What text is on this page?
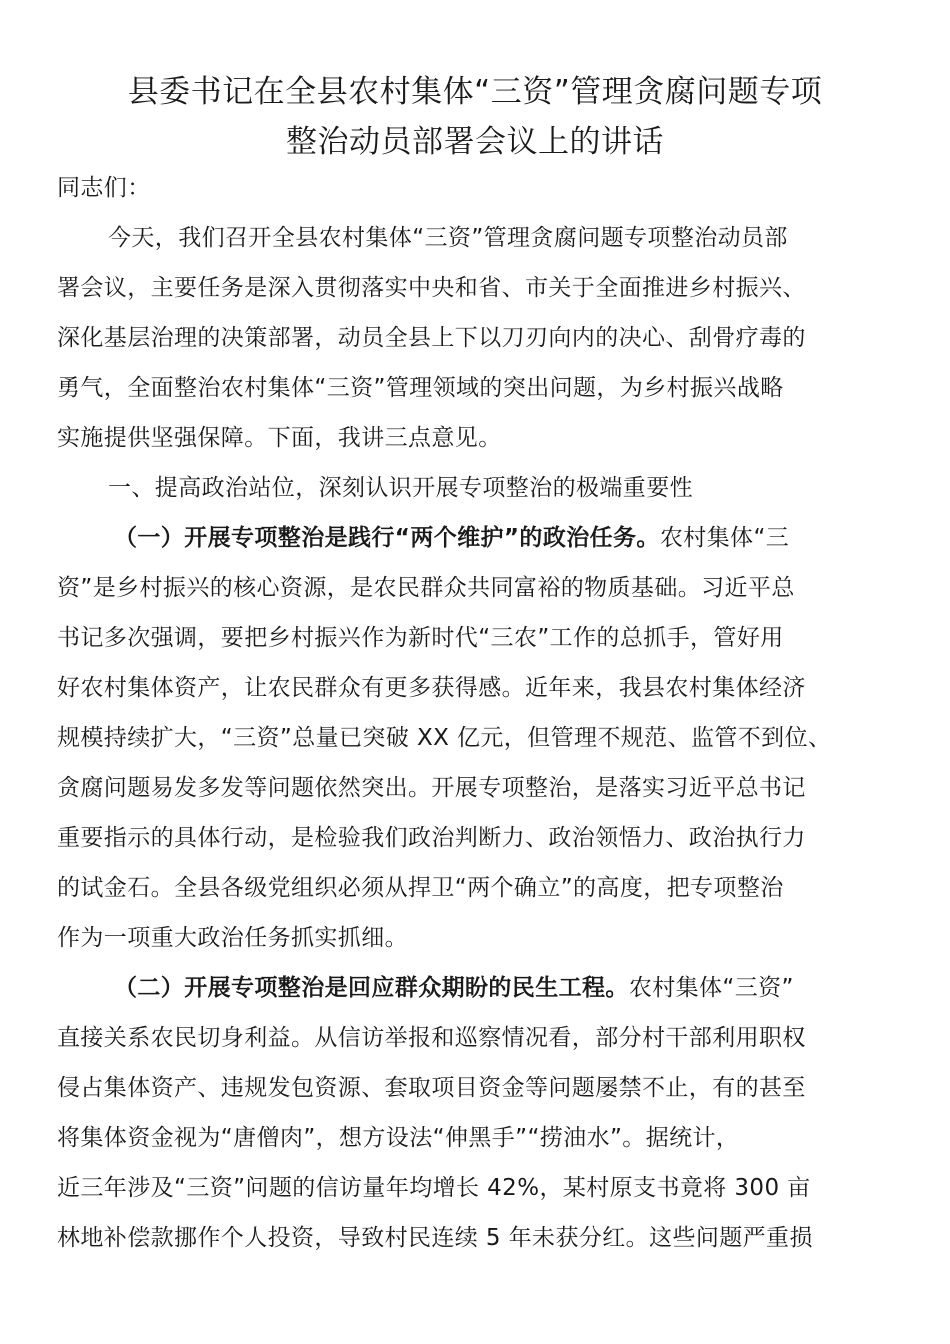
县委书记在全县农村集体“三资”管理贪腐问题专项
整治动员部署会议上的讲话
同志们：
今天，我们召开全县农村集体“三资”管理贪腐问题专项整治动员部
署会议，主要任务是深入贯彻落实中央和省、市关于全面推进乡村振兴、
深化基层治理的决策部署，动员全县上下以刀刃向内的决心、刮骨疗毒的
勇气，全面整治农村集体“三资”管理领域的突出问题，为乡村振兴战略
实施提供坚强保障。下面，我讲三点意见。
一、提高政治站位，深刻认识开展专项整治的极端重要性
（一）开展专项整治是践行“两个维护”的政治任务。农村集体“三
资”是乡村振兴的核心资源，是农民群众共同富裕的物质基础。习近平总
书记多次强调，要把乡村振兴作为新时代“三农”工作的总抓手，管好用
好农村集体资产，让农民群众有更多获得感。近年来，我县农村集体经济
规模持续扩大，“三资”总量已突破 XX 亿元，但管理不规范、监管不到位、
贪腐问题易发多发等问题依然突出。开展专项整治，是落实习近平总书记
重要指示的具体行动，是检验我们政治判断力、政治领悟力、政治执行力
的试金石。全县各级党组织必须从捍卫“两个确立”的高度，把专项整治
作为一项重大政治任务抓实抓细。
（二）开展专项整治是回应群众期盼的民生工程。农村集体“三资”
直接关系农民切身利益。从信访举报和巡察情况看，部分村干部利用职权
侵占集体资产、违规发包资源、套取项目资金等问题屡禁不止，有的甚至
将集体资金视为“唐僧肉”，想方设法“伸黑手”“捞油水”。据统计，
近三年涉及“三资”问题的信访量年均增长 42%，某村原支书竟将 300 亩
林地补偿款挪作个人投资，导致村民连续 5 年未获分红。这些问题严重损
